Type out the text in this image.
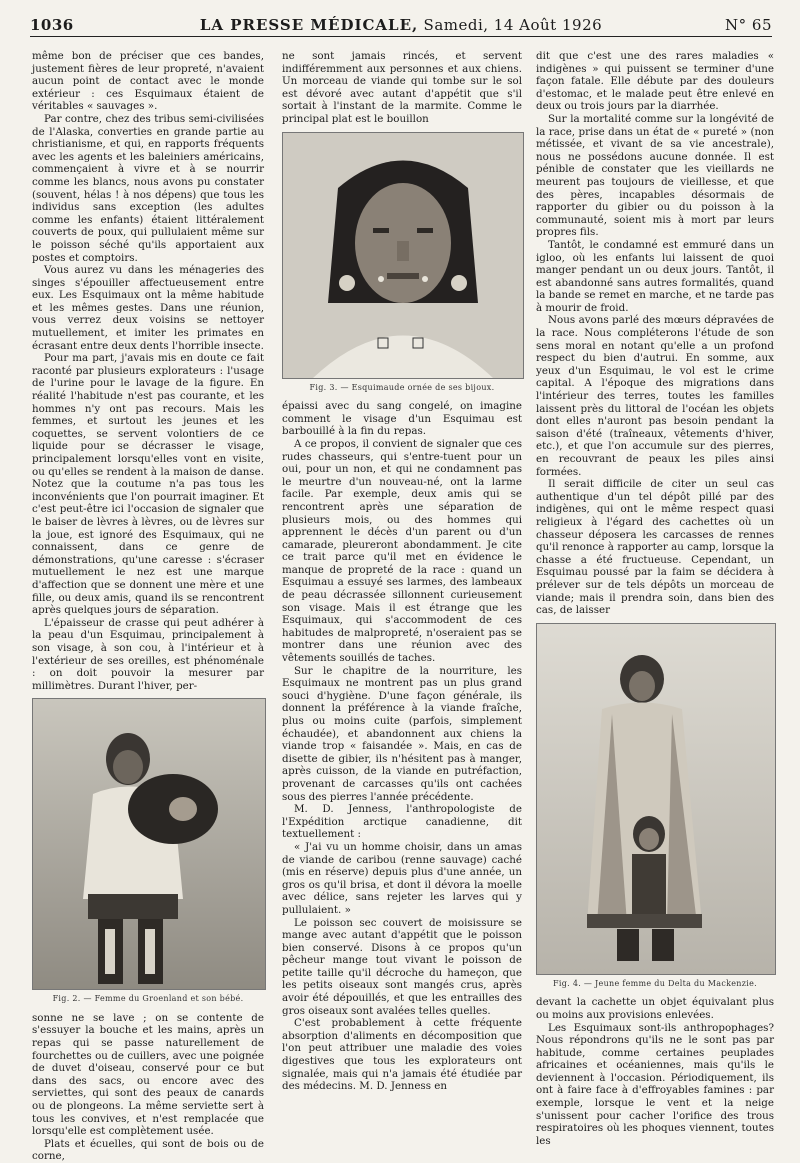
1036	LA PRESSE MÉDICALE, Samedi, 14 Août 1926	N° 65

même bon de préciser que ces bandes, justement fières de leur propreté, n'avaient aucun point de contact avec le monde extérieur : ces Esquimaux étaient de véritables « sauvages ».

Par contre, chez des tribus semi-civilisées de l'Alaska, converties en grande partie au christianisme, et qui, en rapports fréquents avec les agents et les baleiniers américains, commençaient à vivre et à se nourrir comme les blancs, nous avons pu constater (souvent, hélas ! à nos dépens) que tous les individus sans exception (les adultes comme les enfants) étaient littéralement couverts de poux, qui pullulaient même sur le poisson séché qu'ils apportaient aux postes et comptoirs.

Vous aurez vu dans les ménageries des singes s'épouiller affectueusement entre eux. Les Esquimaux ont la même habitude et les mêmes gestes. Dans une réunion, vous verrez deux voisins se nettoyer mutuellement, et imiter les primates en écrasant entre deux dents l'horrible insecte.

Pour ma part, j'avais mis en doute ce fait raconté par plusieurs explorateurs : l'usage de l'urine pour le lavage de la figure. En réalité l'habitude n'est pas courante, et les hommes n'y ont pas recours. Mais les femmes, et surtout les jeunes et les coquettes, se servent volontiers de ce liquide pour se décrasser le visage, principalement lorsqu'elles vont en visite, ou qu'elles se rendent à la maison de danse. Notez que la coutume n'a pas tous les inconvénients que l'on pourrait imaginer. Et c'est peut-être ici l'occasion de signaler que le baiser de lèvres à lèvres, ou de lèvres sur la joue, est ignoré des Esquimaux, qui ne connaissent, dans ce genre de démonstrations, qu'une caresse : s'écraser mutuellement le nez est une marque d'affection que se donnent une mère et une fille, ou deux amis, quand ils se rencontrent après quelques jours de séparation.

L'épaisseur de crasse qui peut adhérer à la peau d'un Esquimau, principalement à son visage, à son cou, à l'intérieur et à l'extérieur de ses oreilles, est phénoménale : on doit pouvoir la mesurer par millimètres. Durant l'hiver, per-

Fig. 2. — Femme du Groenland et son bébé.

sonne ne se lave ; on se contente de s'essuyer la bouche et les mains, après un repas qui se passe naturellement de fourchettes ou de cuillers, avec une poignée de duvet d'oiseau, conservé pour ce but dans des sacs, ou encore avec des serviettes, qui sont des peaux de canards ou de plongeons. La même serviette sert à tous les convives, et n'est remplacée que lorsqu'elle est complètement usée.

Plats et écuelles, qui sont de bois ou de corne,

ne sont jamais rincés, et servent indifféremment aux personnes et aux chiens. Un morceau de viande qui tombe sur le sol est dévoré avec autant d'appétit que s'il sortait à l'instant de la marmite. Comme le principal plat est le bouillon

Fig. 3. — Esquimaude ornée de ses bijoux.

épaissi avec du sang congelé, on imagine comment le visage d'un Esquimau est barbouillé à la fin du repas.

A ce propos, il convient de signaler que ces rudes chasseurs, qui s'entre-tuent pour un oui, pour un non, et qui ne condamnent pas le meurtre d'un nouveau-né, ont la larme facile. Par exemple, deux amis qui se rencontrent après une séparation de plusieurs mois, ou des hommes qui apprennent le décès d'un parent ou d'un camarade, pleureront abondamment. Je cite ce trait parce qu'il met en évidence le manque de propreté de la race : quand un Esquimau a essuyé ses larmes, des lambeaux de peau décrassée sillonnent curieusement son visage. Mais il est étrange que les Esquimaux, qui s'accommodent de ces habitudes de malpropreté, n'oseraient pas se montrer dans une réunion avec des vêtements souillés de taches.

Sur le chapitre de la nourriture, les Esquimaux ne montrent pas un plus grand souci d'hygiène. D'une façon générale, ils donnent la préférence à la viande fraîche, plus ou moins cuite (parfois, simplement échaudée), et abandonnent aux chiens la viande trop « faisandée ». Mais, en cas de disette de gibier, ils n'hésitent pas à manger, après cuisson, de la viande en putréfaction, provenant de carcasses qu'ils ont cachées sous des pierres l'année précédente.

M. D. Jenness, l'anthropologiste de l'Expédition arctique canadienne, dit textuellement :

« J'ai vu un homme choisir, dans un amas de viande de caribou (renne sauvage) caché (mis en réserve) depuis plus d'une année, un gros os qu'il brisa, et dont il dévora la moelle avec délice, sans rejeter les larves qui y pullulaient. »

Le poisson sec couvert de moisissure se mange avec autant d'appétit que le poisson bien conservé. Disons à ce propos qu'un pêcheur mange tout vivant le poisson de petite taille qu'il décroche du hameçon, que les petits oiseaux sont mangés crus, après avoir été dépouillés, et que les entrailles des gros oiseaux sont avalées telles quelles.

C'est probablement à cette fréquente absorption d'aliments en décomposition que l'on peut attribuer une maladie des voies digestives que tous les explorateurs ont signalée, mais qui n'a jamais été étudiée par des médecins. M. D. Jenness en

dit que c'est une des rares maladies « indigènes » qui puissent se terminer d'une façon fatale. Elle débute par des douleurs d'estomac, et le malade peut être enlevé en deux ou trois jours par la diarrhée.

Sur la mortalité comme sur la longévité de la race, prise dans un état de « pureté » (non métissée, et vivant de sa vie ancestrale), nous ne possédons aucune donnée. Il est pénible de constater que les vieillards ne meurent pas toujours de vieillesse, et que des pères, incapables désormais de rapporter du gibier ou du poisson à la communauté, soient mis à mort par leurs propres fils.

Tantôt, le condamné est emmuré dans un igloo, où les enfants lui laissent de quoi manger pendant un ou deux jours. Tantôt, il est abandonné sans autres formalités, quand la bande se remet en marche, et ne tarde pas à mourir de froid.

Nous avons parlé des mœurs dépravées de la race. Nous compléterons l'étude de son sens moral en notant qu'elle a un profond respect du bien d'autrui. En somme, aux yeux d'un Esquimau, le vol est le crime capital. A l'époque des migrations dans l'intérieur des terres, toutes les familles laissent près du littoral de l'océan les objets dont elles n'auront pas besoin pendant la saison d'été (traîneaux, vêtements d'hiver, etc.), et que l'on accumule sur des pierres, en recouvrant de peaux les piles ainsi formées.

Il serait difficile de citer un seul cas authentique d'un tel dépôt pillé par des indigènes, qui ont le même respect quasi religieux à l'égard des cachettes où un chasseur déposera les carcasses de rennes qu'il renonce à rapporter au camp, lorsque la chasse a été fructueuse. Cependant, un Esquimau poussé par la faim se décidera à prélever sur de tels dépôts un morceau de viande; mais il prendra soin, dans bien des cas, de laisser

Fig. 4. — Jeune femme du Delta du Mackenzie.

devant la cachette un objet équivalant plus ou moins aux provisions enlevées.

Les Esquimaux sont-ils anthropophages? Nous répondrons qu'ils ne le sont pas par habitude, comme certaines peuplades africaines et océaniennes, mais qu'ils le deviennent à l'occasion. Périodiquement, ils ont à faire face à d'effroyables famines : par exemple, lorsque le vent et la neige s'unissent pour cacher l'orifice des trous respiratoires où les phoques viennent, toutes les
